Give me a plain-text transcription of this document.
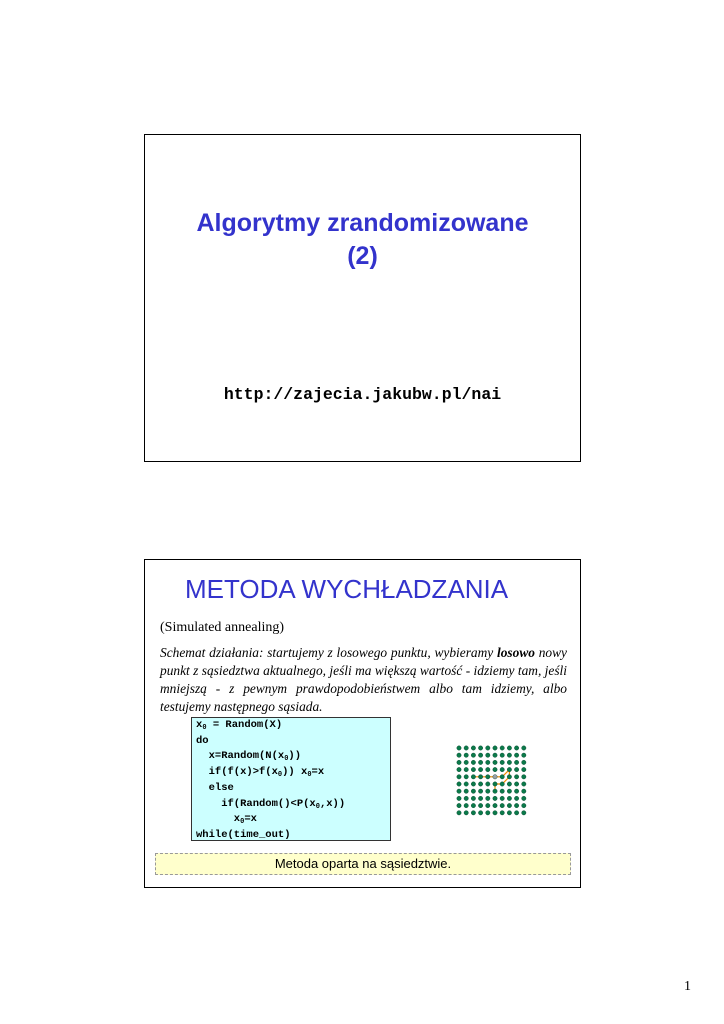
Algorytmy zrandomizowane
(2)
http://zajecia.jakubw.pl/nai
METODA WYCHŁADZANIA
(Simulated annealing)
Schemat działania: startujemy z losowego punktu, wybieramy losowo nowy punkt z sąsiedztwa aktualnego, jeśli ma większą wartość - idziemy tam, jeśli mniejszą - z pewnym prawdopodobieństwem albo tam idziemy, albo testujemy następnego sąsiada.
$x_0$ = Random(X)
do
$x=Random(N(x_0))$
$if(f(x)>f(x_0))$ $x_0=x$
else
$if(Random()<P(x_0,x))$
$x_0=x$
while(time_out)
Metoda oparta na sąsiedztwie.
1
